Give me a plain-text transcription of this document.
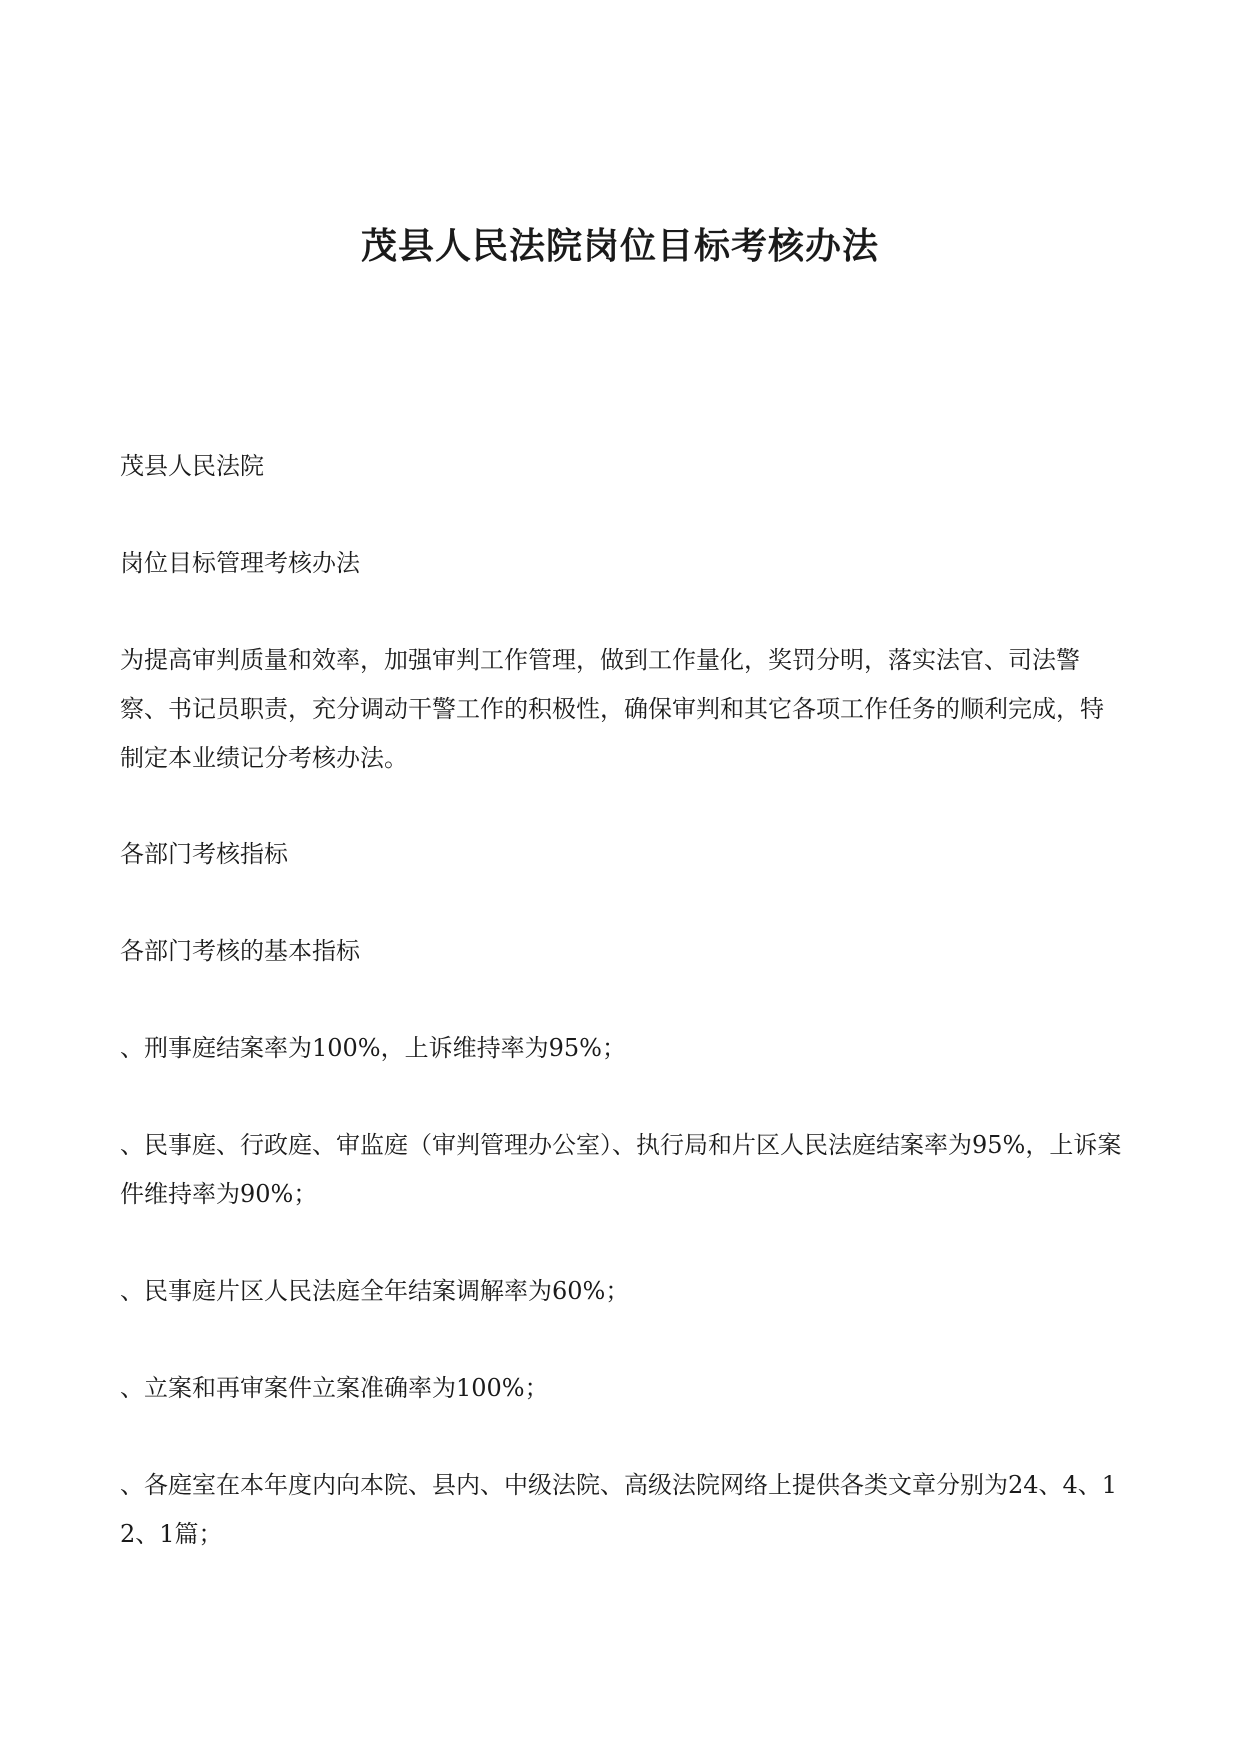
茂县人民法院岗位目标考核办法

茂县人民法院

岗位目标管理考核办法

为提高审判质量和效率，加强审判工作管理，做到工作量化，奖罚分明，落实法官、司法警察、书记员职责，充分调动干警工作的积极性，确保审判和其它各项工作任务的顺利完成，特制定本业绩记分考核办法。

各部门考核指标

各部门考核的基本指标

、刑事庭结案率为100%，上诉维持率为95%；

、民事庭、行政庭、审监庭（审判管理办公室）、执行局和片区人民法庭结案率为95%，上诉案件维持率为90%；

、民事庭片区人民法庭全年结案调解率为60%；

、立案和再审案件立案准确率为100%；

、各庭室在本年度内向本院、县内、中级法院、高级法院网络上提供各类文章分别为24、4、12、1篇；
